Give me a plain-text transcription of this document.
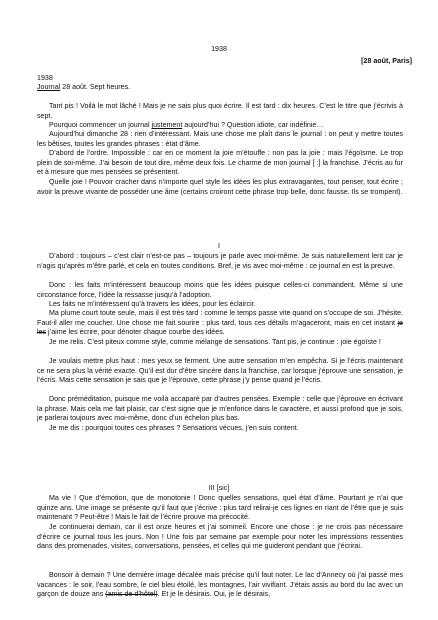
1938
[28 août, Paris]
1938
Journal 28 août. Sept heures.
Tant pis ! Voilà le mot lâché ! Mais je ne sais plus quoi écrire. Il est tard : dix heures. C’est le titre que j’écrivis à sept.
Pourquoi commencer un journal justement aujourd’hui ? Question idiote, car indéfinie…
Aujourd’hui dimanche 28 : rien d’intéressant. Mais une chose me plaît dans le journal : on peut y mettre toutes les bêtises, toutes les grandes phrases : état d’âme.
D’abord de l’ordre. Impossible : car en ce moment la joie m’étouffe : non pas la joie : mais l’égoïsme. Le trop plein de soi-même. J’ai besoin de tout dire, même deux fois. Le charme de mon journal [ :] la franchise. J’écris au fur et à mesure que mes pensées se présentent.
Quelle joie ! Pouvoir cracher dans n’importe quel style les idées les plus extravagantes, tout penser, tout écrire ; avoir la preuve vivante de posséder une âme (certains croiront cette phrase trop belle, donc fausse. Ils se trompent).
I
D’abord : toujours – c’est clair n’est-ce pas – toujours je parle avec moi-même. Je suis naturellement lent car je n’agis qu’après m’être parlé, et cela en toutes conditions. Bref, je vis avec moi-même : ce journal en est la preuve.
Donc : les faits m’intéressent beaucoup moins que les idées puisque celles-ci commandent. Même si une circonstance force, l’idée la ressasse jusqu’à l’adoption.
Les faits ne m’intéressent qu’à travers les idées, pour les éclaircir.
Ma plume court toute seule, mais il est très tard : comme le temps passe vite quand on s’occupe de soi. J’hésite. Faut-il aller me coucher. Une chose me fait sourire : plus tard, tous ces détails m’agaceront, mais en cet instant je les j’aime les écrire, pour dénoter chaque courbe des idées.
Je me relis. C’est piteux comme style, comme mélange de sensations. Tant pis, je continue : joie égoïste !
Je voulais mettre plus haut : mes yeux se ferment. Une autre sensation m’en empêcha. Si je l’écris maintenant ce ne sera plus la vérité exacte. Qu’il est dur d’être sincère dans la franchise, car lorsque j’éprouve une sensation, je l’écris. Mais cette sensation je sais que je l’éprouve, cette phrase j’y pense quand je l’écris.
Donc préméditation, puisque me voilà accaparé par d’autres pensées. Exemple : celle que j’éprouve en écrivant la phrase. Mais cela me fait plaisir, car c’est signe que je m’enfonce dans le caractère, et aussi profond que je sois, je parlerai toujours avec moi-même, donc d’un échelon plus bas.
Je me dis : pourquoi toutes ces phrases ? Sensations vécues, j’en suis content.
III [sic]
Ma vie ! Que d’émotion, que de monotonie ! Donc quelles sensations, quel état d’âme. Pourtant je n’ai que quinze ans. Une image se présente qu’il faut que j’écrive : plus tard relirai-je ces lignes en riant de l’être que je suis maintenant ? Peut-être ! Mais le fait de l’écrire prouve ma précocité.
Je continuerai demain, car il est onze heures et j’ai sommeil. Encore une chose : je ne crois pas nécessaire d’écrire ce journal tous les jours. Non ! Une fois par semaine par exemple pour noter les impressions ressenties dans des promenades, visites, conversations, pensées, et celles qui me guideront pendant que j’écrirai.
Bonsoir à demain ? Une dernière image décalée mais précise qu’il faut noter. Le lac d’Annecy où j’ai passé mes vacances : le soir, l’eau sombre, le ciel bleu étoilé, les montagnes, l’air vivifiant. J’étais assis au bord du lac avec un garçon de douze ans (amis de d’hôtel). Et je le désirais. Oui, je le désirais,
